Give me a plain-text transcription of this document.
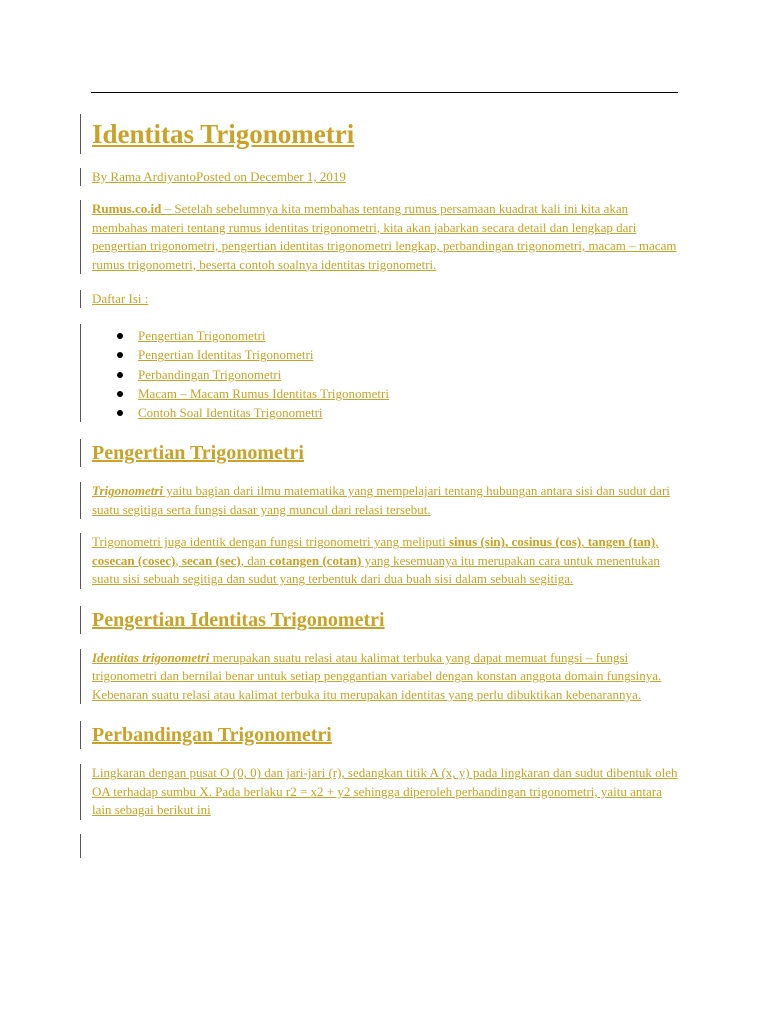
Identitas Trigonometri
By Rama ArdiyantoPosted on December 1, 2019
Rumus.co.id – Setelah sebelumnya kita membahas tentang rumus persamaan kuadrat kali ini kita akan membahas materi tentang rumus identitas trigonometri, kita akan jabarkan secara detail dan lengkap dari pengertian trigonometri, pengertian identitas trigonometri lengkap, perbandingan trigonometri, macam – macam rumus trigonometri, beserta contoh soalnya identitas trigonometri.
Daftar Isi :
Pengertian Trigonometri
Pengertian Identitas Trigonometri
Perbandingan Trigonometri
Macam – Macam Rumus Identitas Trigonometri
Contoh Soal Identitas Trigonometri
Pengertian Trigonometri
Trigonometri yaitu bagian dari ilmu matematika yang mempelajari tentang hubungan antara sisi dan sudut dari suatu segitiga serta fungsi dasar yang muncul dari relasi tersebut.
Trigonometri juga identik dengan fungsi trigonometri yang meliputi sinus (sin), cosinus (cos), tangen (tan), cosecan (cosec), secan (sec), dan cotangen (cotan) yang kesemuanya itu merupakan cara untuk menentukan suatu sisi sebuah segitiga dan sudut yang terbentuk dari dua buah sisi dalam sebuah segitiga.
Pengertian Identitas Trigonometri
Identitas trigonometri merupakan suatu relasi atau kalimat terbuka yang dapat memuat fungsi – fungsi trigonometri dan bernilai benar untuk setiap penggantian variabel dengan konstan anggota domain fungsinya. Kebenaran suatu relasi atau kalimat terbuka itu merupakan identitas yang perlu dibuktikan kebenarannya.
Perbandingan Trigonometri
Lingkaran dengan pusat O (0, 0) dan jari-jari (r), sedangkan titik A (x, y) pada lingkaran dan sudut dibentuk oleh OA terhadap sumbu X. Pada berlaku r2 = x2 + y2 sehingga diperoleh perbandingan trigonometri, yaitu antara lain sebagai berikut ini
